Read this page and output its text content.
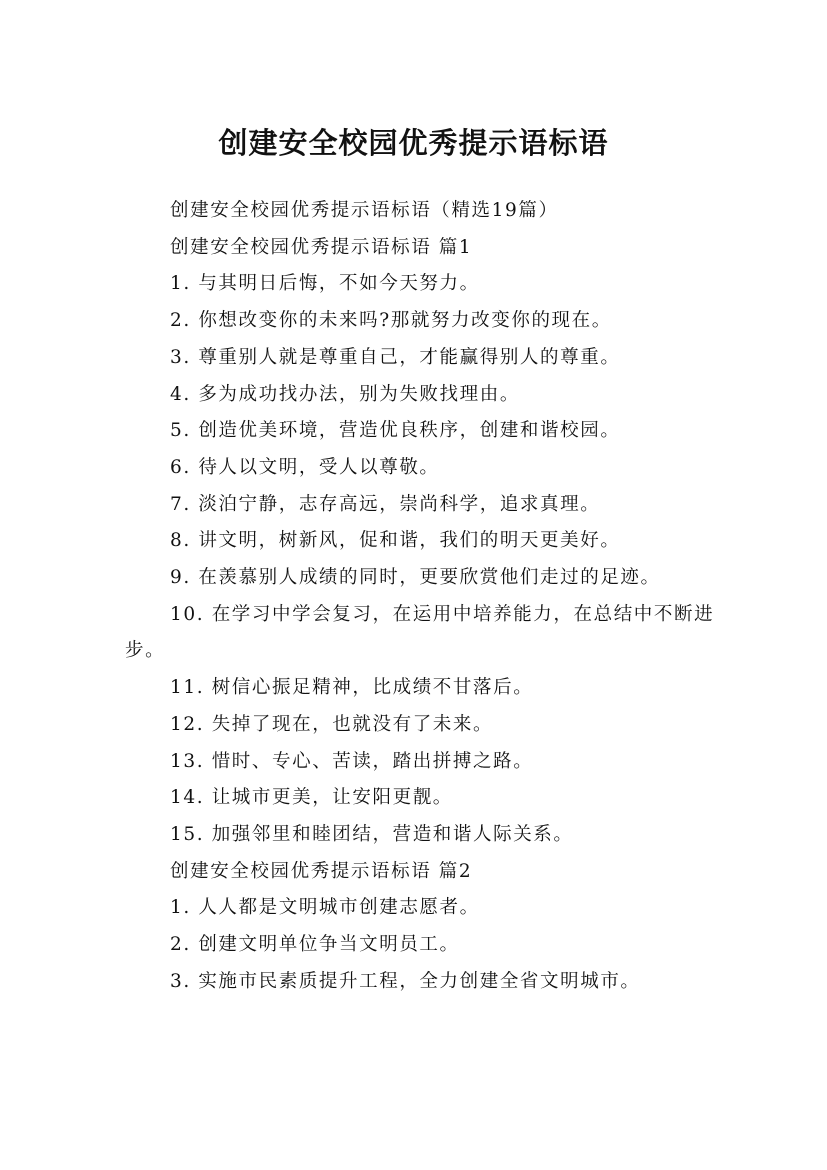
创建安全校园优秀提示语标语

创建安全校园优秀提示语标语（精选19篇）

创建安全校园优秀提示语标语 篇1

1. 与其明日后悔，不如今天努力。

2. 你想改变你的未来吗?那就努力改变你的现在。

3. 尊重别人就是尊重自己，才能赢得别人的尊重。

4. 多为成功找办法，别为失败找理由。

5. 创造优美环境，营造优良秩序，创建和谐校园。

6. 待人以文明，受人以尊敬。

7. 淡泊宁静，志存高远，崇尚科学，追求真理。

8. 讲文明，树新风，促和谐，我们的明天更美好。

9. 在羡慕别人成绩的同时，更要欣赏他们走过的足迹。

10. 在学习中学会复习，在运用中培养能力，在总结中不断进步。

11. 树信心振足精神，比成绩不甘落后。

12. 失掉了现在，也就没有了未来。

13. 惜时、专心、苦读，踏出拼搏之路。

14. 让城市更美，让安阳更靓。

15. 加强邻里和睦团结，营造和谐人际关系。

创建安全校园优秀提示语标语 篇2

1. 人人都是文明城市创建志愿者。

2. 创建文明单位争当文明员工。

3. 实施市民素质提升工程，全力创建全省文明城市。
